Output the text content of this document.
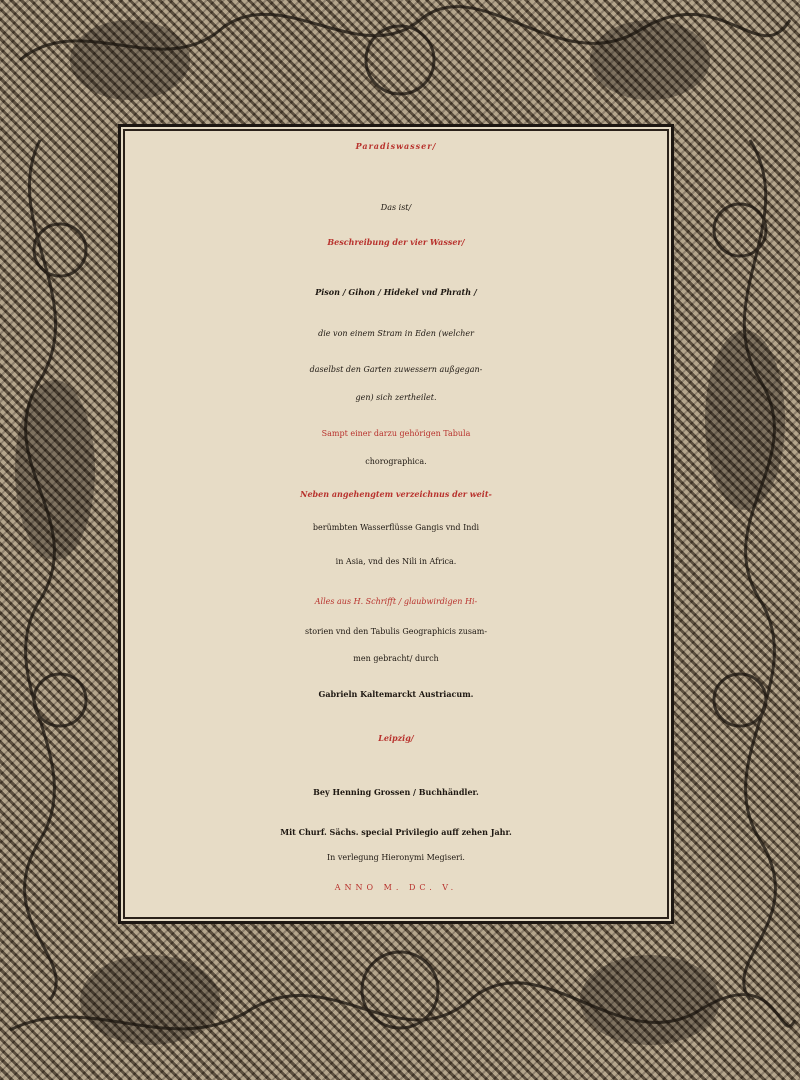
Paradiswasser/
Das ist/
Beschreibung der vier Wasser/
Pison / Gihon / Hidekel vnd Phrath /
die von einem Stram in Eden (welcher
daselbst den Garten zuwessern außgegan-
gen) sich zertheilet.
Sampt einer darzu gehörigen Tabula
chorographica.
Neben angehengtem verzeichnus der weit-
berümbten Wasserflüsse Gangis vnd Indi
in Asia, vnd des Nili in Africa.
Alles aus H. Schrifft / glaubwirdigen Hi-
storien vnd den Tabulis Geographicis zusam-
men gebracht/ durch
Gabrieln Kaltemarckt Austriacum.
Leipzig/
Bey Henning Grossen / Buchhändler.
Mit Churf. Sächs. special Privilegio auff zehen Jahr.
In verlegung Hieronymi Megiseri.
ANNO M. DC. V.
